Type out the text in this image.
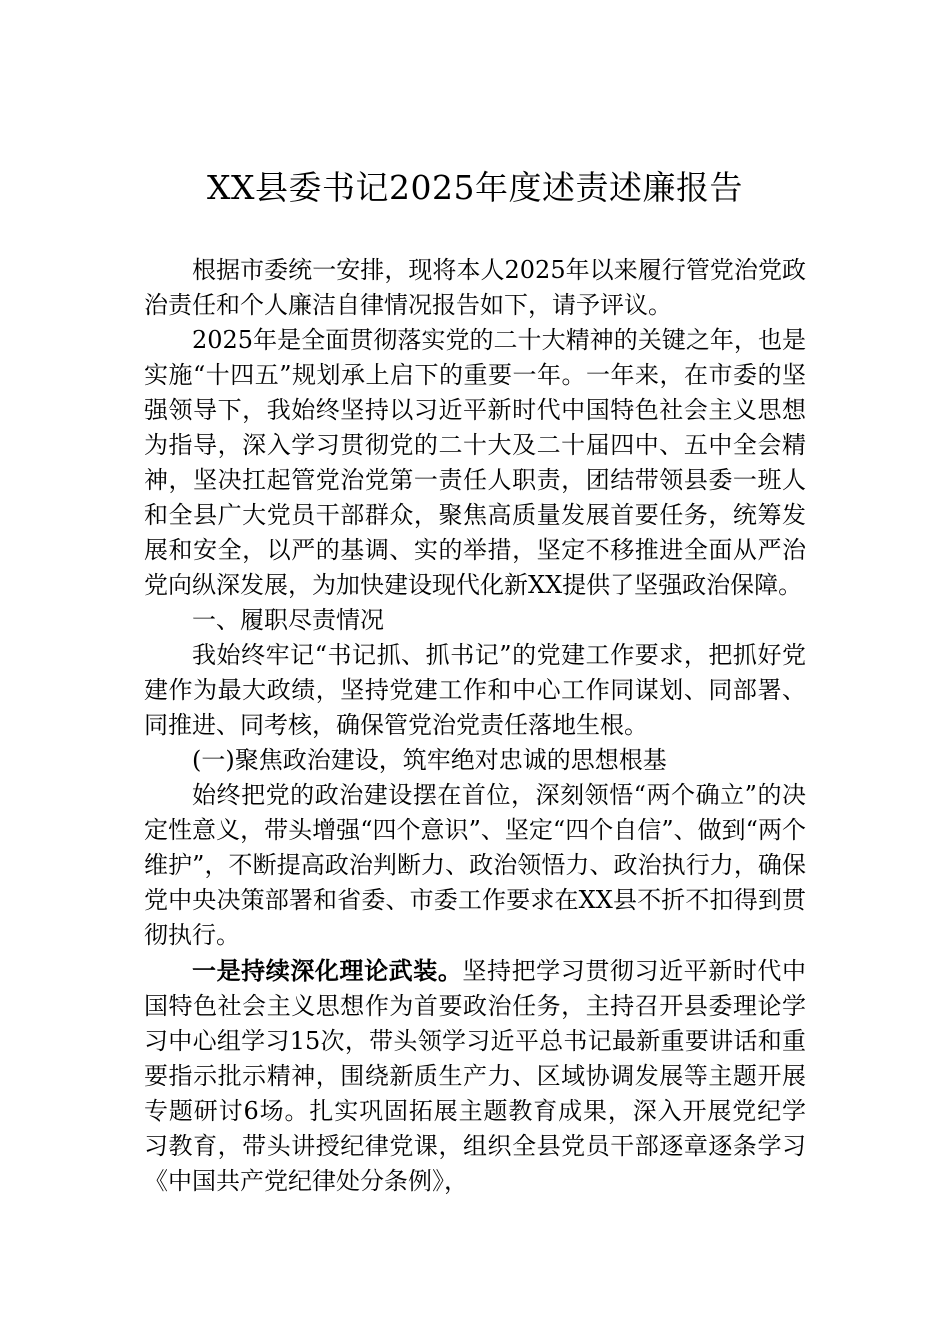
XX县委书记2025年度述责述廉报告

根据市委统一安排，现将本人2025年以来履行管党治党政治责任和个人廉洁自律情况报告如下，请予评议。

2025年是全面贯彻落实党的二十大精神的关键之年，也是实施“十四五”规划承上启下的重要一年。一年来，在市委的坚强领导下，我始终坚持以习近平新时代中国特色社会主义思想为指导，深入学习贯彻党的二十大及二十届四中、五中全会精神，坚决扛起管党治党第一责任人职责，团结带领县委一班人和全县广大党员干部群众，聚焦高质量发展首要任务，统筹发展和安全，以严的基调、实的举措，坚定不移推进全面从严治党向纵深发展，为加快建设现代化新XX提供了坚强政治保障。

一、履职尽责情况

我始终牢记“书记抓、抓书记”的党建工作要求，把抓好党建作为最大政绩，坚持党建工作和中心工作同谋划、同部署、同推进、同考核，确保管党治党责任落地生根。

(一)聚焦政治建设，筑牢绝对忠诚的思想根基

始终把党的政治建设摆在首位，深刻领悟“两个确立”的决定性意义，带头增强“四个意识”、坚定“四个自信”、做到“两个维护”，不断提高政治判断力、政治领悟力、政治执行力，确保党中央决策部署和省委、市委工作要求在XX县不折不扣得到贯彻执行。

一是持续深化理论武装。坚持把学习贯彻习近平新时代中国特色社会主义思想作为首要政治任务，主持召开县委理论学习中心组学习15次，带头领学习近平总书记最新重要讲话和重要指示批示精神，围绕新质生产力、区域协调发展等主题开展专题研讨6场。扎实巩固拓展主题教育成果，深入开展党纪学习教育，带头讲授纪律党课，组织全县党员干部逐章逐条学习《中国共产党纪律处分条例》，
